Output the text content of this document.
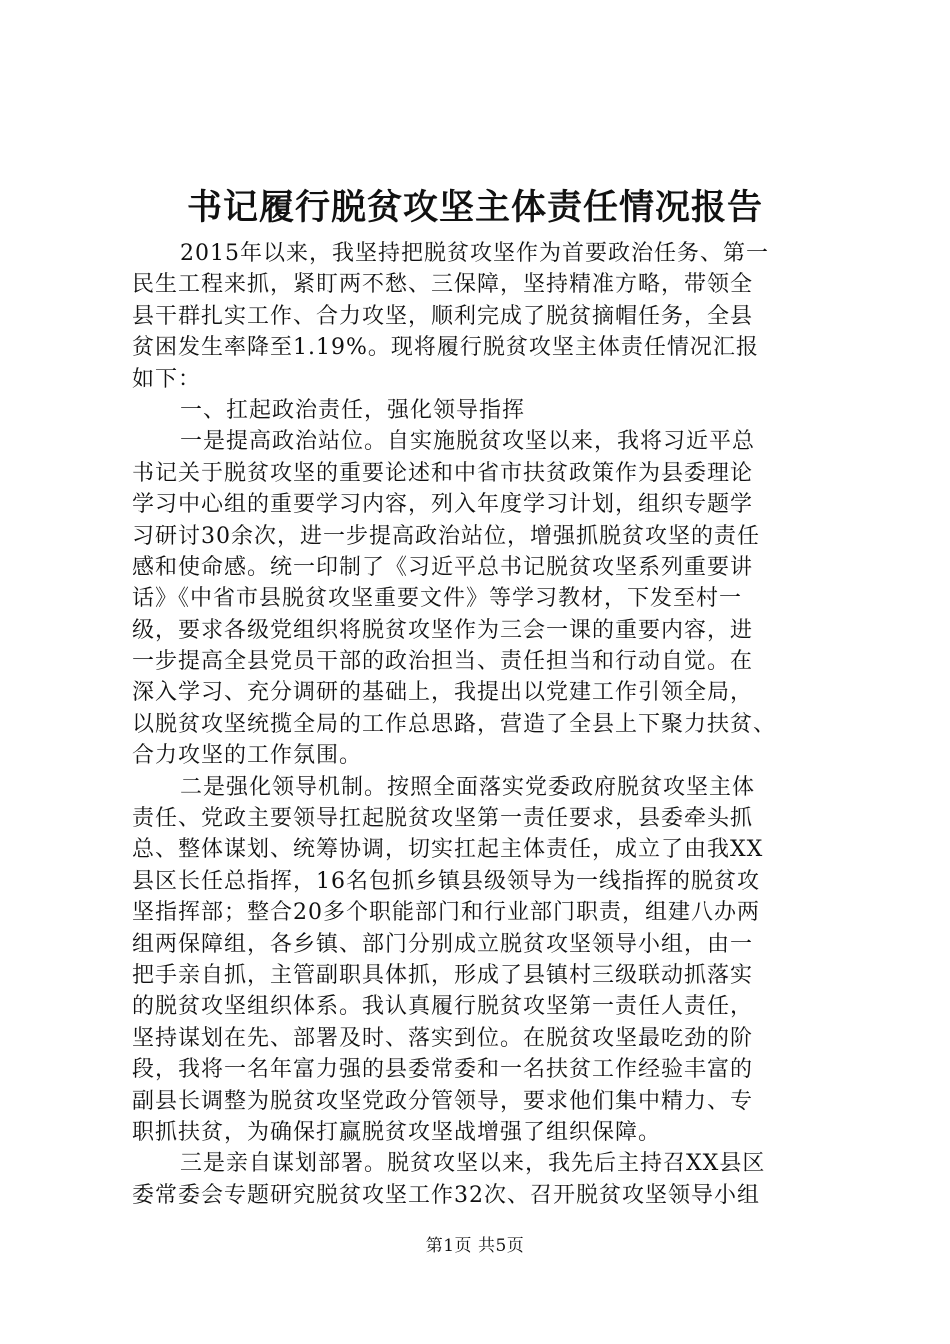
书记履行脱贫攻坚主体责任情况报告
2015年以来，我坚持把脱贫攻坚作为首要政治任务、第一
民生工程来抓，紧盯两不愁、三保障，坚持精准方略，带领全
县干群扎实工作、合力攻坚，顺利完成了脱贫摘帽任务，全县
贫困发生率降至1.19%。现将履行脱贫攻坚主体责任情况汇报
如下：
一、扛起政治责任，强化领导指挥
一是提高政治站位。自实施脱贫攻坚以来，我将习近平总
书记关于脱贫攻坚的重要论述和中省市扶贫政策作为县委理论
学习中心组的重要学习内容，列入年度学习计划，组织专题学
习研讨30余次，进一步提高政治站位，增强抓脱贫攻坚的责任
感和使命感。统一印制了《习近平总书记脱贫攻坚系列重要讲
话》《中省市县脱贫攻坚重要文件》等学习教材，下发至村一
级，要求各级党组织将脱贫攻坚作为三会一课的重要内容，进
一步提高全县党员干部的政治担当、责任担当和行动自觉。在
深入学习、充分调研的基础上，我提出以党建工作引领全局，
以脱贫攻坚统揽全局的工作总思路，营造了全县上下聚力扶贫、
合力攻坚的工作氛围。
二是强化领导机制。按照全面落实党委政府脱贫攻坚主体
责任、党政主要领导扛起脱贫攻坚第一责任要求，县委牵头抓
总、整体谋划、统筹协调，切实扛起主体责任，成立了由我XX
县区长任总指挥，16名包抓乡镇县级领导为一线指挥的脱贫攻
坚指挥部；整合20多个职能部门和行业部门职责，组建八办两
组两保障组，各乡镇、部门分别成立脱贫攻坚领导小组，由一
把手亲自抓，主管副职具体抓，形成了县镇村三级联动抓落实
的脱贫攻坚组织体系。我认真履行脱贫攻坚第一责任人责任，
坚持谋划在先、部署及时、落实到位。在脱贫攻坚最吃劲的阶
段，我将一名年富力强的县委常委和一名扶贫工作经验丰富的
副县长调整为脱贫攻坚党政分管领导，要求他们集中精力、专
职抓扶贫，为确保打赢脱贫攻坚战增强了组织保障。
三是亲自谋划部署。脱贫攻坚以来，我先后主持召XX县区
委常委会专题研究脱贫攻坚工作32次、召开脱贫攻坚领导小组
第1页 共5页
